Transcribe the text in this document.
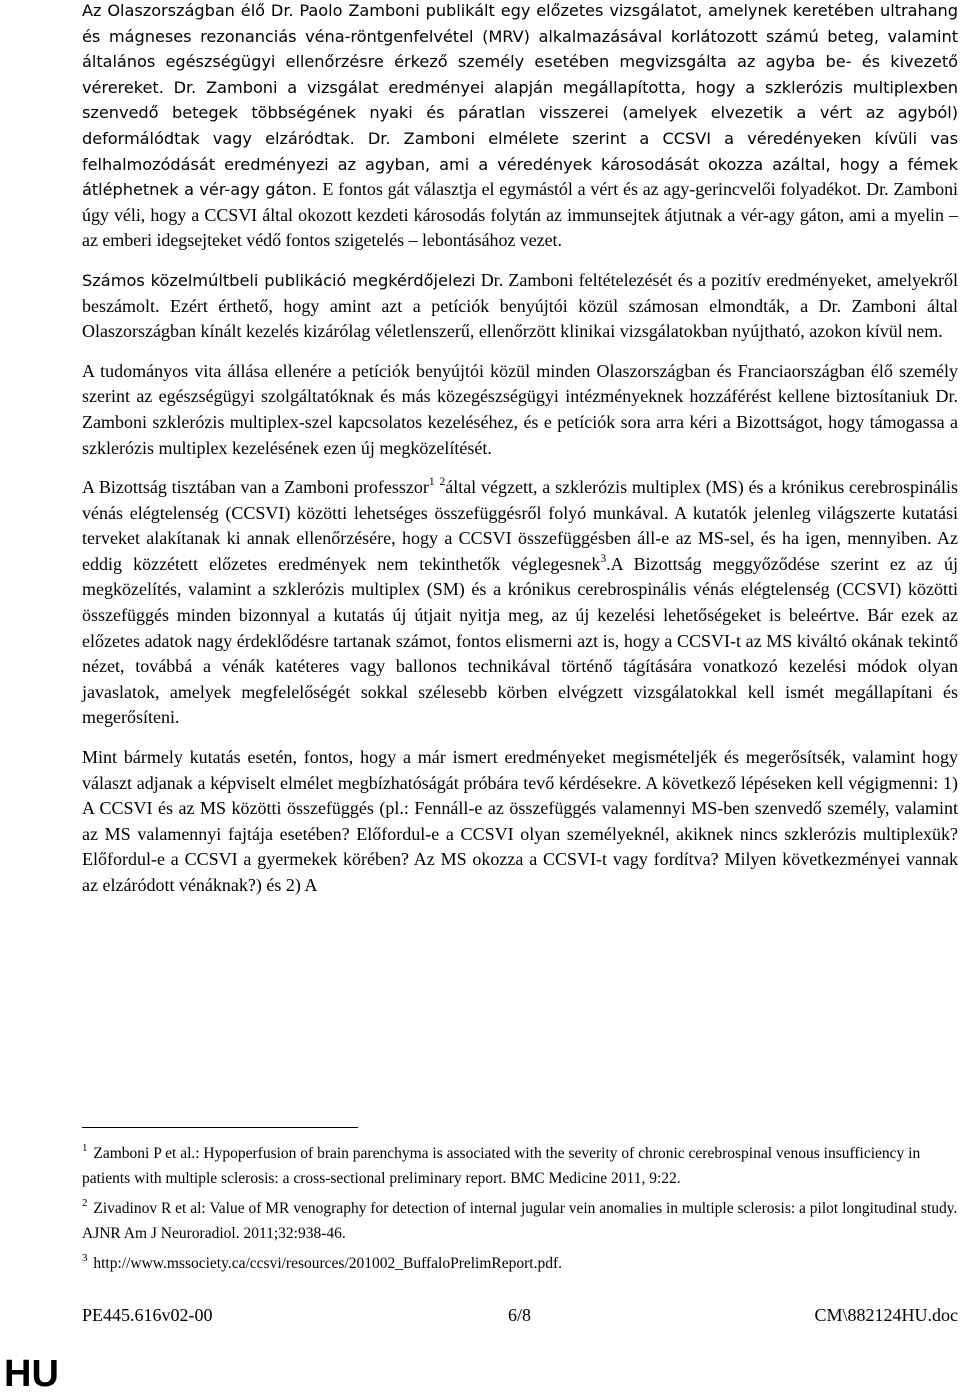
Az Olaszországban élő Dr. Paolo Zamboni publikált egy előzetes vizsgálatot, amelynek keretében ultrahang és mágneses rezonanciás véna-röntgenfelvétel (MRV) alkalmazásával korlátozott számú beteg, valamint általános egészségügyi ellenőrzésre érkező személy esetében megvizsgálta az agyba be- és kivezető vérereket. Dr. Zamboni a vizsgálat eredményei alapján megállapította, hogy a szklerózis multiplexben szenvedő betegek többségének nyaki és páratlan visszerei (amelyek elvezetik a vért az agyból) deformálódtak vagy elzáródtak. Dr. Zamboni elmélete szerint a CCSVI a véredényeken kívüli vas felhalmozódását eredményezi az agyban, ami a véredények károsodását okozza azáltal, hogy a fémek átléphetnek a vér-agy gáton. E fontos gát választja el egymástól a vért és az agy-gerincvelői folyadékot. Dr. Zamboni úgy véli, hogy a CCSVI által okozott kezdeti károsodás folytán az immunsejtek átjutnak a vér-agy gáton, ami a myelin – az emberi idegsejteket védő fontos szigetelés – lebontásához vezet.

Számos közelmúltbeli publikáció megkérdőjelezi Dr. Zamboni feltételezését és a pozitív eredményeket, amelyekről beszámolt. Ezért érthető, hogy amint azt a petíciók benyújtói közül számosan elmondták, a Dr. Zamboni által Olaszországban kínált kezelés kizárólag véletlenszerű, ellenőrzött klinikai vizsgálatokban nyújtható, azokon kívül nem.

A tudományos vita állása ellenére a petíciók benyújtói közül minden Olaszországban és Franciaországban élő személy szerint az egészségügyi szolgáltatóknak és más közegészségügyi intézményeknek hozzáférést kellene biztosítaniuk Dr. Zamboni szklerózis multiplex-szel kapcsolatos kezeléséhez, és e petíciók sora arra kéri a Bizottságot, hogy támogassa a szklerózis multiplex kezelésének ezen új megközelítését.

A Bizottság tisztában van a Zamboni professzor$^1$ $^2$által végzett, a szklerózis multiplex (MS) és a krónikus cerebrospinális vénás elégtelenség (CCSVI) közötti lehetséges összefüggésről folyó munkával. A kutatók jelenleg világszerte kutatási terveket alakítanak ki annak ellenőrzésére, hogy a CCSVI összefüggésben áll-e az MS-sel, és ha igen, mennyiben. Az eddig közzétett előzetes eredmények nem tekinthetők véglegesnek$^3$.A Bizottság meggyőződése szerint ez az új megközelítés, valamint a szklerózis multiplex (SM) és a krónikus cerebrospinális vénás elégtelenség (CCSVI) közötti összefüggés minden bizonnyal a kutatás új útjait nyitja meg, az új kezelési lehetőségeket is beleértve. Bár ezek az előzetes adatok nagy érdeklődésre tartanak számot, fontos elismerni azt is, hogy a CCSVI-t az MS kiváltó okának tekintő nézet, továbbá a vénák katéteres vagy ballonos technikával történő tágítására vonatkozó kezelési módok olyan javaslatok, amelyek megfelelőségét sokkal szélesebb körben elvégzett vizsgálatokkal kell ismét megállapítani és megerősíteni.

Mint bármely kutatás esetén, fontos, hogy a már ismert eredményeket megismételjék és megerősítsék, valamint hogy választ adjanak a képviselt elmélet megbízhatóságát próbára tevő kérdésekre. A következő lépéseken kell végigmenni: 1) A CCSVI és az MS közötti összefüggés (pl.: Fennáll-e az összefüggés valamennyi MS-ben szenvedő személy, valamint az MS valamennyi fajtája esetében? Előfordul-e a CCSVI olyan személyeknél, akiknek nincs szklerózis multiplexük? Előfordul-e a CCSVI a gyermekek körében? Az MS okozza a CCSVI-t vagy fordítva? Milyen következményei vannak az elzáródott vénáknak?) és 2) A

$^1$ Zamboni P et al.: Hypoperfusion of brain parenchyma is associated with the severity of chronic cerebrospinal venous insufficiency in patients with multiple sclerosis: a cross-sectional preliminary report. BMC Medicine 2011, 9:22.

$^2$ Zivadinov R et al: Value of MR venography for detection of internal jugular vein anomalies in multiple sclerosis: a pilot longitudinal study. AJNR Am J Neuroradiol. 2011;32:938-46.

$^3$ http://www.mssociety.ca/ccsvi/resources/201002_BuffaloPrelimReport.pdf.

PE445.616v02-00	6/8	CM\882124HU.doc
HU
